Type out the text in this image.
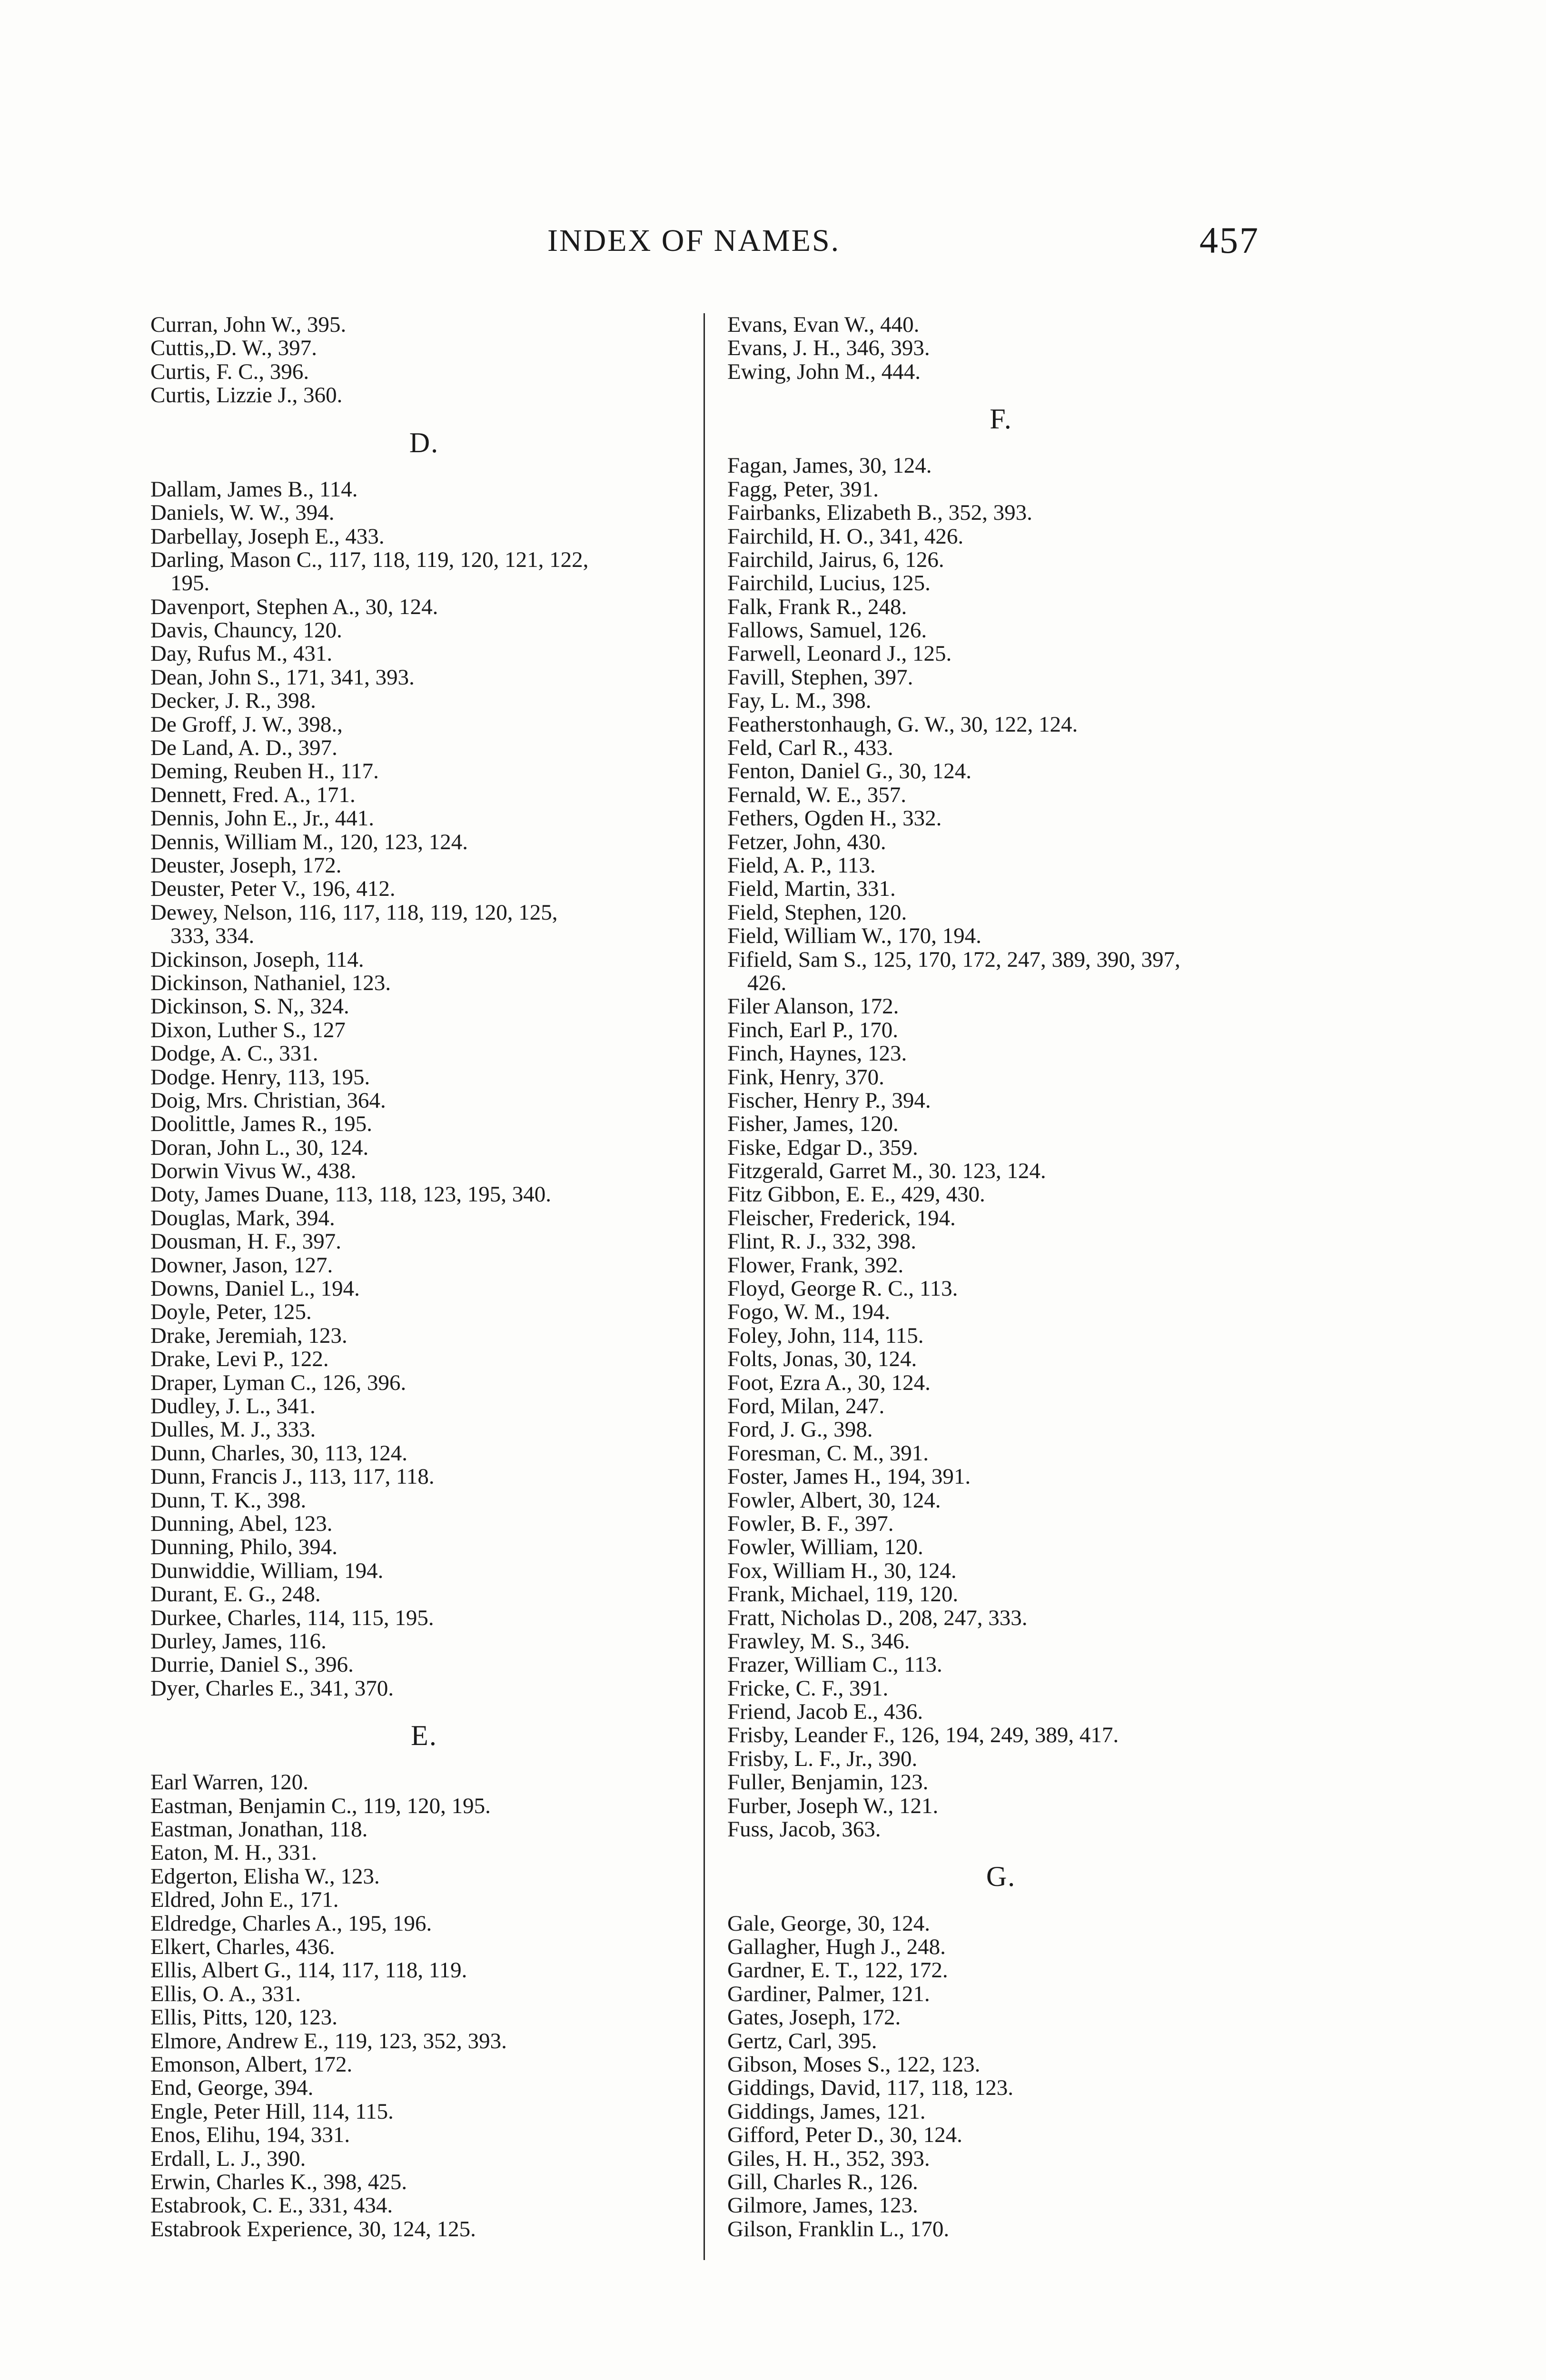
INDEX OF NAMES.	457
Curran, John W., 395.
Cuttis,,D. W., 397.
Curtis, F. C., 396.
Curtis, Lizzie J., 360.
D.
Dallam, James B., 114.
Daniels, W. W., 394.
Darbellay, Joseph E., 433.
Darling, Mason C., 117, 118, 119, 120, 121, 122,
195.
Davenport, Stephen A., 30, 124.
Davis, Chauncy, 120.
Day, Rufus M., 431.
Dean, John S., 171, 341, 393.
Decker, J. R., 398.
De Groff, J. W., 398.,
De Land, A. D., 397.
Deming, Reuben H., 117.
Dennett, Fred. A., 171.
Dennis, John E., Jr., 441.
Dennis, William M., 120, 123, 124.
Deuster, Joseph, 172.
Deuster, Peter V., 196, 412.
Dewey, Nelson, 116, 117, 118, 119, 120, 125,
333, 334.
Dickinson, Joseph, 114.
Dickinson, Nathaniel, 123.
Dickinson, S. N,, 324.
Dixon, Luther S., 127
Dodge, A. C., 331.
Dodge. Henry, 113, 195.
Doig, Mrs. Christian, 364.
Doolittle, James R., 195.
Doran, John L., 30, 124.
Dorwin Vivus W., 438.
Doty, James Duane, 113, 118, 123, 195, 340.
Douglas, Mark, 394.
Dousman, H. F., 397.
Downer, Jason, 127.
Downs, Daniel L., 194.
Doyle, Peter, 125.
Drake, Jeremiah, 123.
Drake, Levi P., 122.
Draper, Lyman C., 126, 396.
Dudley, J. L., 341.
Dulles, M. J., 333.
Dunn, Charles, 30, 113, 124.
Dunn, Francis J., 113, 117, 118.
Dunn, T. K., 398.
Dunning, Abel, 123.
Dunning, Philo, 394.
Dunwiddie, William, 194.
Durant, E. G., 248.
Durkee, Charles, 114, 115, 195.
Durley, James, 116.
Durrie, Daniel S., 396.
Dyer, Charles E., 341, 370.
E.
Earl Warren, 120.
Eastman, Benjamin C., 119, 120, 195.
Eastman, Jonathan, 118.
Eaton, M. H., 331.
Edgerton, Elisha W., 123.
Eldred, John E., 171.
Eldredge, Charles A., 195, 196.
Elkert, Charles, 436.
Ellis, Albert G., 114, 117, 118, 119.
Ellis, O. A., 331.
Ellis, Pitts, 120, 123.
Elmore, Andrew E., 119, 123, 352, 393.
Emonson, Albert, 172.
End, George, 394.
Engle, Peter Hill, 114, 115.
Enos, Elihu, 194, 331.
Erdall, L. J., 390.
Erwin, Charles K., 398, 425.
Estabrook, C. E., 331, 434.
Estabrook Experience, 30, 124, 125.
Evans, Evan W., 440.
Evans, J. H., 346, 393.
Ewing, John M., 444.
F.
Fagan, James, 30, 124.
Fagg, Peter, 391.
Fairbanks, Elizabeth B., 352, 393.
Fairchild, H. O., 341, 426.
Fairchild, Jairus, 6, 126.
Fairchild, Lucius, 125.
Falk, Frank R., 248.
Fallows, Samuel, 126.
Farwell, Leonard J., 125.
Favill, Stephen, 397.
Fay, L. M., 398.
Featherstonhaugh, G. W., 30, 122, 124.
Feld, Carl R., 433.
Fenton, Daniel G., 30, 124.
Fernald, W. E., 357.
Fethers, Ogden H., 332.
Fetzer, John, 430.
Field, A. P., 113.
Field, Martin, 331.
Field, Stephen, 120.
Field, William W., 170, 194.
Fifield, Sam S., 125, 170, 172, 247, 389, 390, 397,
426.
Filer Alanson, 172.
Finch, Earl P., 170.
Finch, Haynes, 123.
Fink, Henry, 370.
Fischer, Henry P., 394.
Fisher, James, 120.
Fiske, Edgar D., 359.
Fitzgerald, Garret M., 30. 123, 124.
Fitz Gibbon, E. E., 429, 430.
Fleischer, Frederick, 194.
Flint, R. J., 332, 398.
Flower, Frank, 392.
Floyd, George R. C., 113.
Fogo, W. M., 194.
Foley, John, 114, 115.
Folts, Jonas, 30, 124.
Foot, Ezra A., 30, 124.
Ford, Milan, 247.
Ford, J. G., 398.
Foresman, C. M., 391.
Foster, James H., 194, 391.
Fowler, Albert, 30, 124.
Fowler, B. F., 397.
Fowler, William, 120.
Fox, William H., 30, 124.
Frank, Michael, 119, 120.
Fratt, Nicholas D., 208, 247, 333.
Frawley, M. S., 346.
Frazer, William C., 113.
Fricke, C. F., 391.
Friend, Jacob E., 436.
Frisby, Leander F., 126, 194, 249, 389, 417.
Frisby, L. F., Jr., 390.
Fuller, Benjamin, 123.
Furber, Joseph W., 121.
Fuss, Jacob, 363.
G.
Gale, George, 30, 124.
Gallagher, Hugh J., 248.
Gardner, E. T., 122, 172.
Gardiner, Palmer, 121.
Gates, Joseph, 172.
Gertz, Carl, 395.
Gibson, Moses S., 122, 123.
Giddings, David, 117, 118, 123.
Giddings, James, 121.
Gifford, Peter D., 30, 124.
Giles, H. H., 352, 393.
Gill, Charles R., 126.
Gilmore, James, 123.
Gilson, Franklin L., 170.
